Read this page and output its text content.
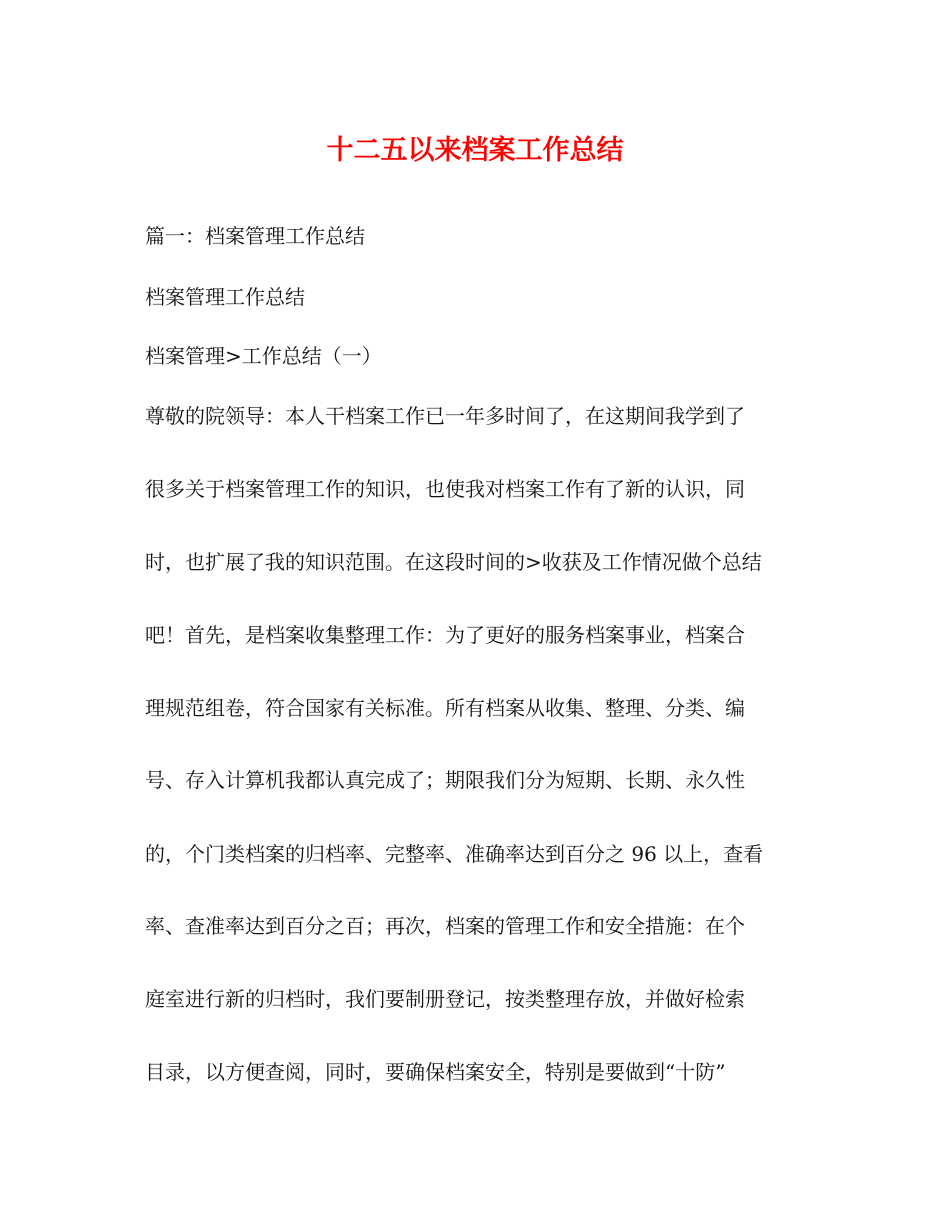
十二五以来档案工作总结
篇一：档案管理工作总结
档案管理工作总结
档案管理>工作总结（一）
尊敬的院领导：本人干档案工作已一年多时间了，在这期间我学到了
很多关于档案管理工作的知识，也使我对档案工作有了新的认识，同
时，也扩展了我的知识范围。在这段时间的>收获及工作情况做个总结
吧！首先，是档案收集整理工作：为了更好的服务档案事业，档案合
理规范组卷，符合国家有关标准。所有档案从收集、整理、分类、编
号、存入计算机我都认真完成了；期限我们分为短期、长期、永久性
的，个门类档案的归档率、完整率、准确率达到百分之 96 以上，查看
率、查准率达到百分之百；再次，档案的管理工作和安全措施：在个
庭室进行新的归档时，我们要制册登记，按类整理存放，并做好检索
目录，以方便查阅，同时，要确保档案安全，特别是要做到“十防”
